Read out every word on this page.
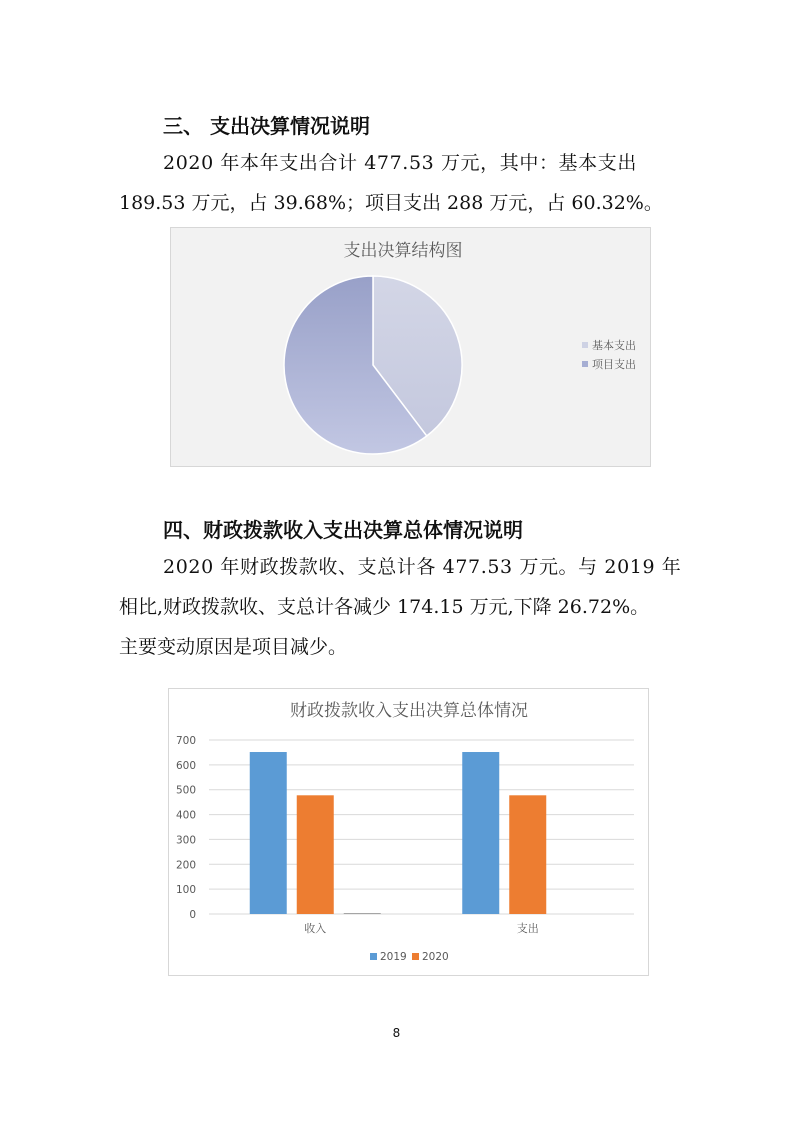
三、 支出决算情况说明

2020 年本年支出合计 477.53 万元，其中：基本支出

189.53 万元，占 39.68%；项目支出 288 万元，占 60.32%。

支出决算结构图
基本支出
项目支出
四、财政拨款收入支出决算总体情况说明

2020 年财政拨款收、支总计各 477.53 万元。与 2019 年

相比,财政拨款收、支总计各减少 174.15 万元,下降 26.72%。

主要变动原因是项目减少。

财政拨款收入支出决算总体情况
0
100
200
300
400
500
600
700
收入	支出
2019 2020
8
